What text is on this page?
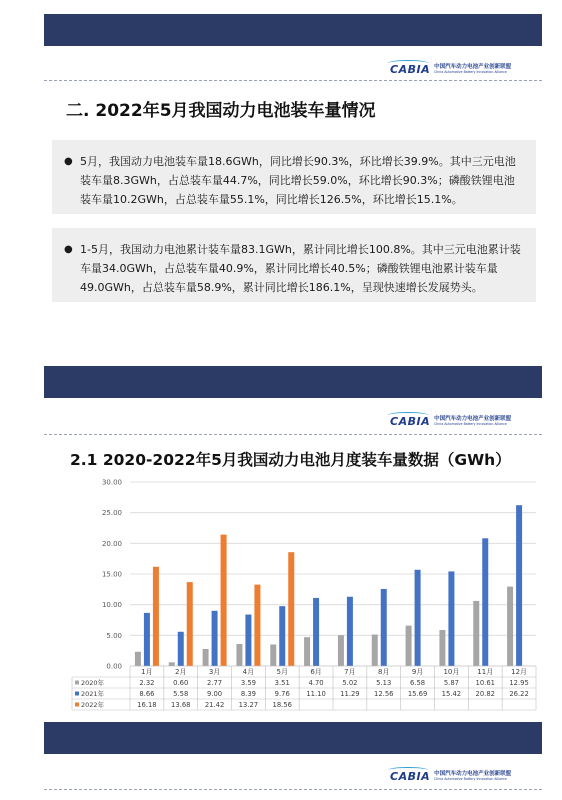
CABIA 中国汽车动力电池产业创新联盟
China Automotive Battery Innovation Alliance
二. 2022年5月我国动力电池装车量情况
● 5月，我国动力电池装车量18.6GWh，同比增长90.3%，环比增长39.9%。其中三元电池装车量8.3GWh，占总装车量44.7%，同比增长59.0%，环比增长90.3%；磷酸铁锂电池装车量10.2GWh，占总装车量55.1%，同比增长126.5%，环比增长15.1%。
● 1-5月，我国动力电池累计装车量83.1GWh，累计同比增长100.8%。其中三元电池累计装车量34.0GWh，占总装车量40.9%，累计同比增长40.5%；磷酸铁锂电池累计装车量49.0GWh，占总装车量58.9%，累计同比增长186.1%，呈现快速增长发展势头。
CABIA 中国汽车动力电池产业创新联盟
China Automotive Battery Innovation Alliance
2.1 2020-2022年5月我国动力电池月度装车量数据（GWh）
0.00
5.00
10.00
15.00
20.00
25.00
30.00
1月	2月	3月	4月	5月	6月	7月	8月	9月	10月	11月	12月
2020年	2.32	0.60	2.77	3.59	3.51	4.70	5.02	5.13	6.58	5.87 10.61 12.95
2021年	8.66	5.58	9.00	8.39	9.76 11.10 11.29 12.56 15.69 15.42 20.82 26.22
2022年	16.18 13.68 21.42 13.27 18.56
CABIA 中国汽车动力电池产业创新联盟
China Automotive Battery Innovation Alliance
